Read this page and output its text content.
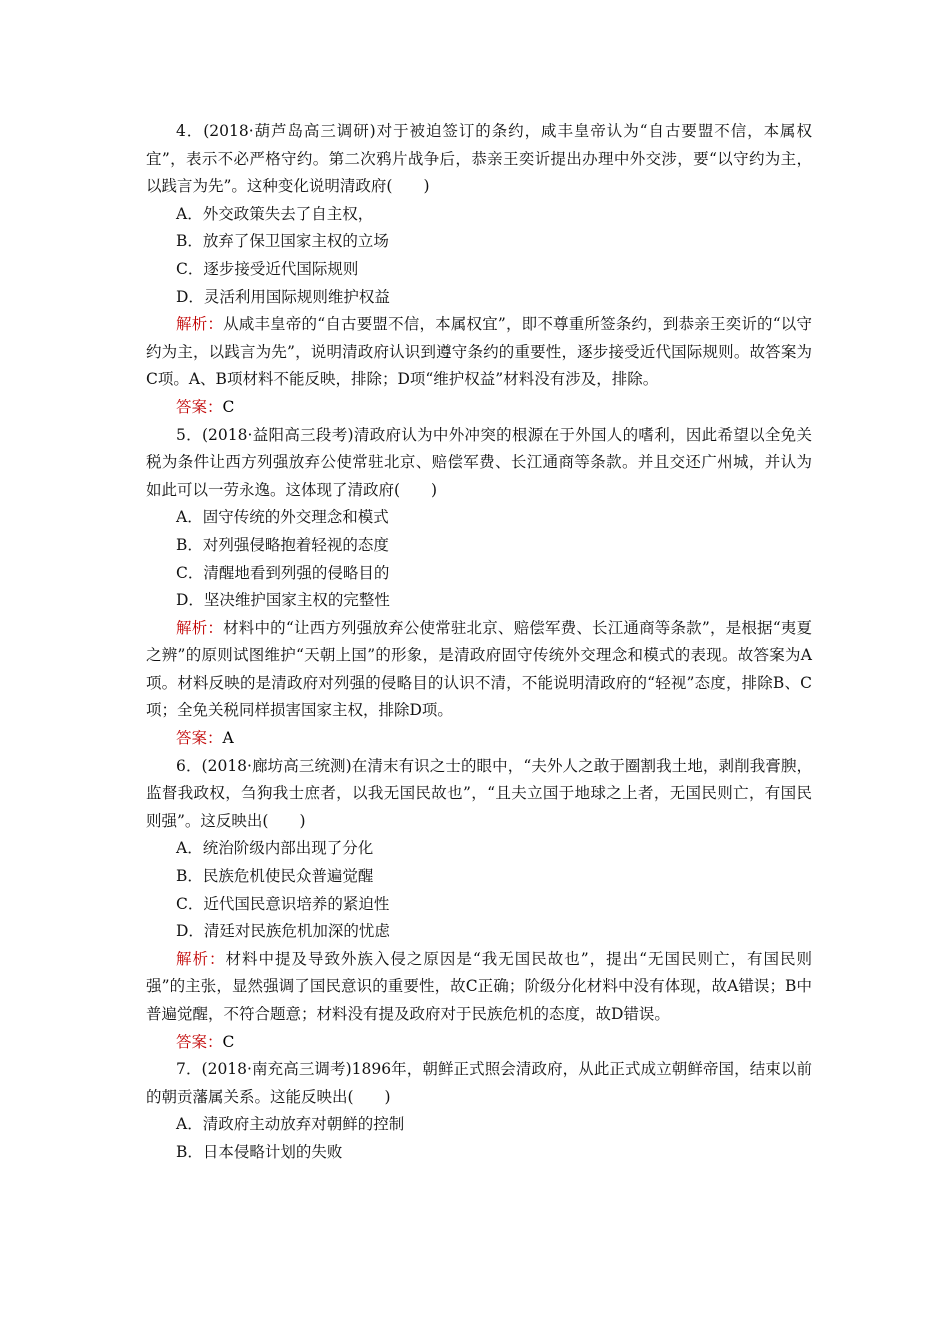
4．(2018·葫芦岛高三调研)对于被迫签订的条约，咸丰皇帝认为“自古要盟不信，本属权宜”，表示不必严格守约。第二次鸦片战争后，恭亲王奕䜣提出办理中外交涉，要“以守约为主，以践言为先”。这种变化说明清政府(　　)

A．外交政策失去了自主权，

B．放弃了保卫国家主权的立场

C．逐步接受近代国际规则

D．灵活利用国际规则维护权益

解析：从咸丰皇帝的“自古要盟不信，本属权宜”，即不尊重所签条约，到恭亲王奕䜣的“以守约为主，以践言为先”，说明清政府认识到遵守条约的重要性，逐步接受近代国际规则。故答案为C项。A、B项材料不能反映，排除；D项“维护权益”材料没有涉及，排除。

答案：C

5．(2018·益阳高三段考)清政府认为中外冲突的根源在于外国人的嗜利，因此希望以全免关税为条件让西方列强放弃公使常驻北京、赔偿军费、长江通商等条款。并且交还广州城，并认为如此可以一劳永逸。这体现了清政府(　　)

A．固守传统的外交理念和模式

B．对列强侵略抱着轻视的态度

C．清醒地看到列强的侵略目的

D．坚决维护国家主权的完整性

解析：材料中的“让西方列强放弃公使常驻北京、赔偿军费、长江通商等条款”，是根据“夷夏之辨”的原则试图维护“天朝上国”的形象，是清政府固守传统外交理念和模式的表现。故答案为A项。材料反映的是清政府对列强的侵略目的认识不清，不能说明清政府的“轻视”态度，排除B、C项；全免关税同样损害国家主权，排除D项。

答案：A

6．(2018·廊坊高三统测)在清末有识之士的眼中，“夫外人之敢于圈割我土地，剥削我膏腴，监督我政权，刍狗我士庶者，以我无国民故也”，“且夫立国于地球之上者，无国民则亡，有国民则强”。这反映出(　　)

A．统治阶级内部出现了分化

B．民族危机使民众普遍觉醒

C．近代国民意识培养的紧迫性

D．清廷对民族危机加深的忧虑

解析：材料中提及导致外族入侵之原因是“我无国民故也”，提出“无国民则亡，有国民则强”的主张，显然强调了国民意识的重要性，故C正确；阶级分化材料中没有体现，故A错误；B中普遍觉醒，不符合题意；材料没有提及政府对于民族危机的态度，故D错误。

答案：C

7．(2018·南充高三调考)1896年，朝鲜正式照会清政府，从此正式成立朝鲜帝国，结束以前的朝贡藩属关系。这能反映出(　　)

A．清政府主动放弃对朝鲜的控制

B．日本侵略计划的失败
